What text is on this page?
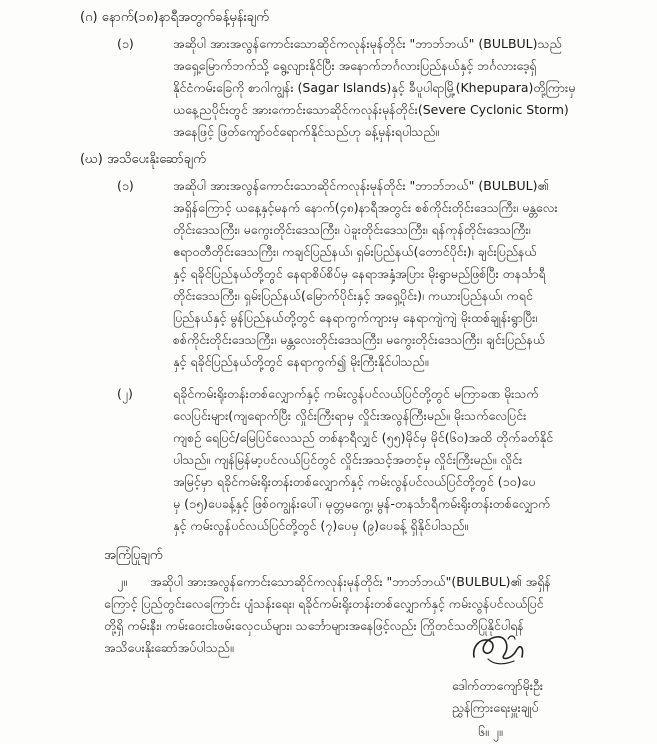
(ဂ) နောက်(၁၈)နာရီအတွက်ခန့်မှန်းချက်
(၁)	အဆိုပါ အားအလွန်ကောင်းသောဆိုင်ကလုန်းမုန်တိုင်း "ဘာဘ်ဘယ်" (BULBUL)သည်
အရှေ့မြောက်ဘက်သို့ ရွေ့လျားနိုင်ပြီး အနောက်ဘင်္ဂလားပြည်နယ်နှင့် ဘင်္ဂလားဒေ့ရှ်
နိုင်ငံကမ်းခြေကို စာဂါကျွန်း (Sagar Islands)နှင့် ခီပူပါရာမြို့(Khepupara)တို့ကြားမှ
ယနေ့ညပိုင်းတွင် အားကောင်းသောဆိုင်ကလုန်းမုန်တိုင်း(Severe Cyclonic Storm)
အနေဖြင့် ဖြတ်ကျော်ဝင်ရောက်နိုင်သည်ဟု ခန့်မှန်းရပါသည်။
(ဃ) အသိပေးနိုးဆော်ချက်
(၁)	အဆိုပါ အားအလွန်ကောင်းသောဆိုင်ကလုန်းမုန်တိုင်း "ဘာဘ်ဘယ်" (BULBUL)၏
အရှိန်ကြောင့် ယနေ့နှင့်မနက် နောက်(၄၈)နာရီအတွင်း စစ်ကိုင်းတိုင်းဒေသကြီး၊ မန္တလေး
တိုင်းဒေသကြီး၊ မကွေးတိုင်းဒေသကြီး၊ ပဲခူးတိုင်းဒေသကြီး၊ ရန်ကုန်တိုင်းဒေသကြီး၊
ဧရာဝတီတိုင်းဒေသကြီး၊ ကချင်ပြည်နယ်၊ ရှမ်းပြည်နယ်(တောင်ပိုင်း)၊ ချင်းပြည်နယ်
နှင့် ရခိုင်ပြည်နယ်တို့တွင် နေရာစိပ်စိပ်မှ နေရာအနှံ့အပြား မိုးရွာမည်ဖြစ်ပြီး တနင်္သာရီ
တိုင်းဒေသကြီး၊ ရှမ်းပြည်နယ်(မြောက်ပိုင်းနှင့် အရှေ့ပိုင်း)၊ ကယားပြည်နယ်၊ ကရင်
ပြည်နယ်နှင့် မွန်ပြည်နယ်တို့တွင် နေရာကွက်ကျားမှ နေရာကျဲကျဲ မိုးထစ်ချုန်းရွာပြီး၊
စစ်ကိုင်းတိုင်းဒေသကြီး၊ မန္တလေးတိုင်းဒေသကြီး၊ မကွေးတိုင်းဒေသကြီး၊ ချင်းပြည်နယ်
နှင့် ရခိုင်ပြည်နယ်တို့တွင် နေရာကွက်၍ မိုးကြီးနိုင်ပါသည်။
(၂)	ရခိုင်ကမ်းရိုးတန်းတစ်လျှောက်နှင့် ကမ်းလွန်ပင်လယ်ပြင်တို့တွင် မကြာခဏ မိုးသက်
လေပြင်းများ(ကျရောက်ပြီး လှိုင်းကြီးရာမှ လှိုင်းအလွန်ကြီးမည်။ မိုးသက်လေပြင်း
ကျစဉ် ရေပြင်/မြေပြင်လေသည် တစ်နာရီလျှင် (၅၅)မိုင်မှ မိုင်(၆၀)အထိ တိုက်ခတ်နိုင်
ပါသည်။ ကျန်မြန်မာ့ပင်လယ်ပြင်တွင် လှိုင်းအသင့်အတင့်မှ လှိုင်းကြီးမည်။ လှိုင်း
အမြင့်မှာ ရခိုင်ကမ်းရိုးတန်းတစ်လျှောက်နှင့် ကမ်းလွန်ပင်လယ်ပြင်တို့တွင် (၁၀)ပေ
မှ (၁၅)ပေခန့်နှင့် ဖြစ်ဝကျွန်းပေါ်၊ မုတ္တမကွေ့၊ မွန်-တနင်္သာရီကမ်းရိုးတန်းတစ်လျှောက်
နှင့် ကမ်းလွန်ပင်လယ်ပြင်တို့တွင် (၇)ပေမှ (၉)ပေခန့် ရှိနိုင်ပါသည်။
အကြံပြုချက်
၂။ အဆိုပါ အားအလွန်ကောင်းသောဆိုင်ကလုန်းမုန်တိုင်း "ဘာဘ်ဘယ်"(BULBUL)၏ အရှိန်
ကြောင့် ပြည်တွင်းလေကြောင်း ပျံသန်းရေး၊ ရခိုင်ကမ်းရိုးတန်းတစ်လျှောက်နှင့် ကမ်းလွန်ပင်လယ်ပြင်
တို့ရှိ ကမ်းနီး၊ ကမ်းဝေးငါးဖမ်းလှေငယ်များ၊ သင်္ဘောများအနေဖြင့်လည်း ကြိုတင်သတိပြုနိုင်ပါရန်
အသိပေးနိုးဆော်အပ်ပါသည်။
ဒေါက်တာကျော်မိုးဦး
ညွှန်ကြားရေးမှူးချုပ်
၆။ ၂။
